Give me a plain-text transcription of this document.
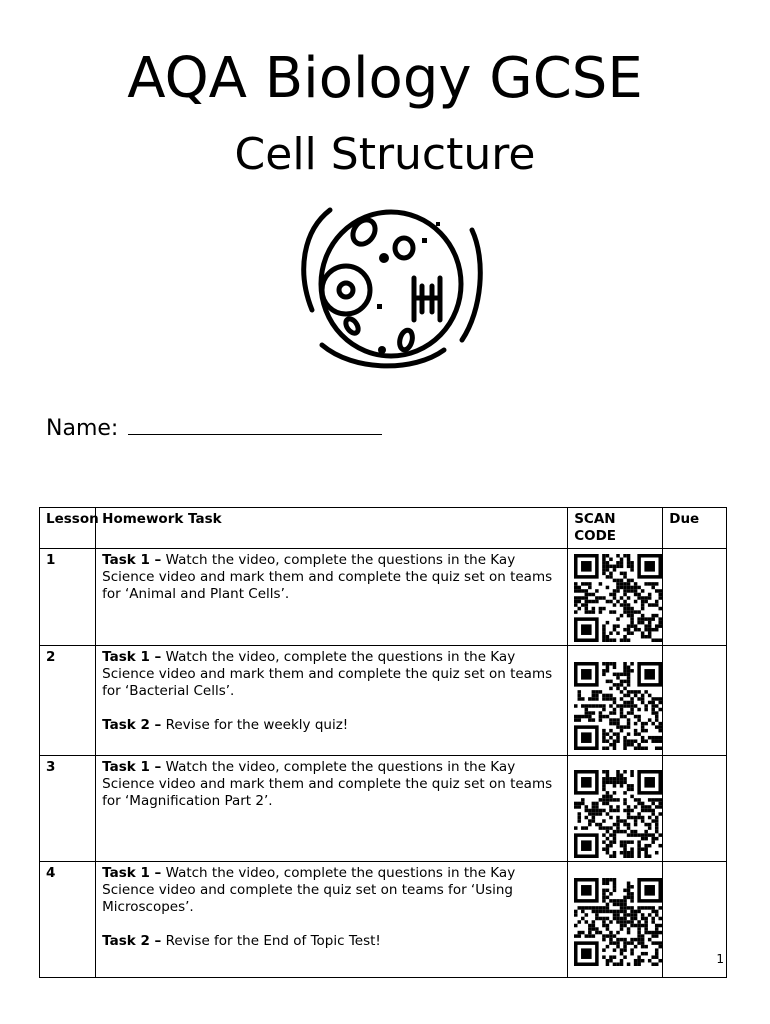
AQA Biology GCSE
Cell Structure
Name:
Lesson	Homework Task	SCAN CODE	Due
1	Task 1 – Watch the video, complete the questions in the Kay Science video and mark them and complete the quiz set on teams for ‘Animal and Plant Cells’.

2	Task 1 – Watch the video, complete the questions in the Kay Science video and mark them and complete the quiz set on teams for ‘Bacterial Cells’.

Task 2 – Revise for the weekly quiz!

3	Task 1 – Watch the video, complete the questions in the Kay Science video and mark them and complete the quiz set on teams for ‘Magnification Part 2’.

4	Task 1 – Watch the video, complete the questions in the Kay Science video and complete the quiz set on teams for ‘Using Microscopes’.

Task 2 – Revise for the End of Topic Test!

1
